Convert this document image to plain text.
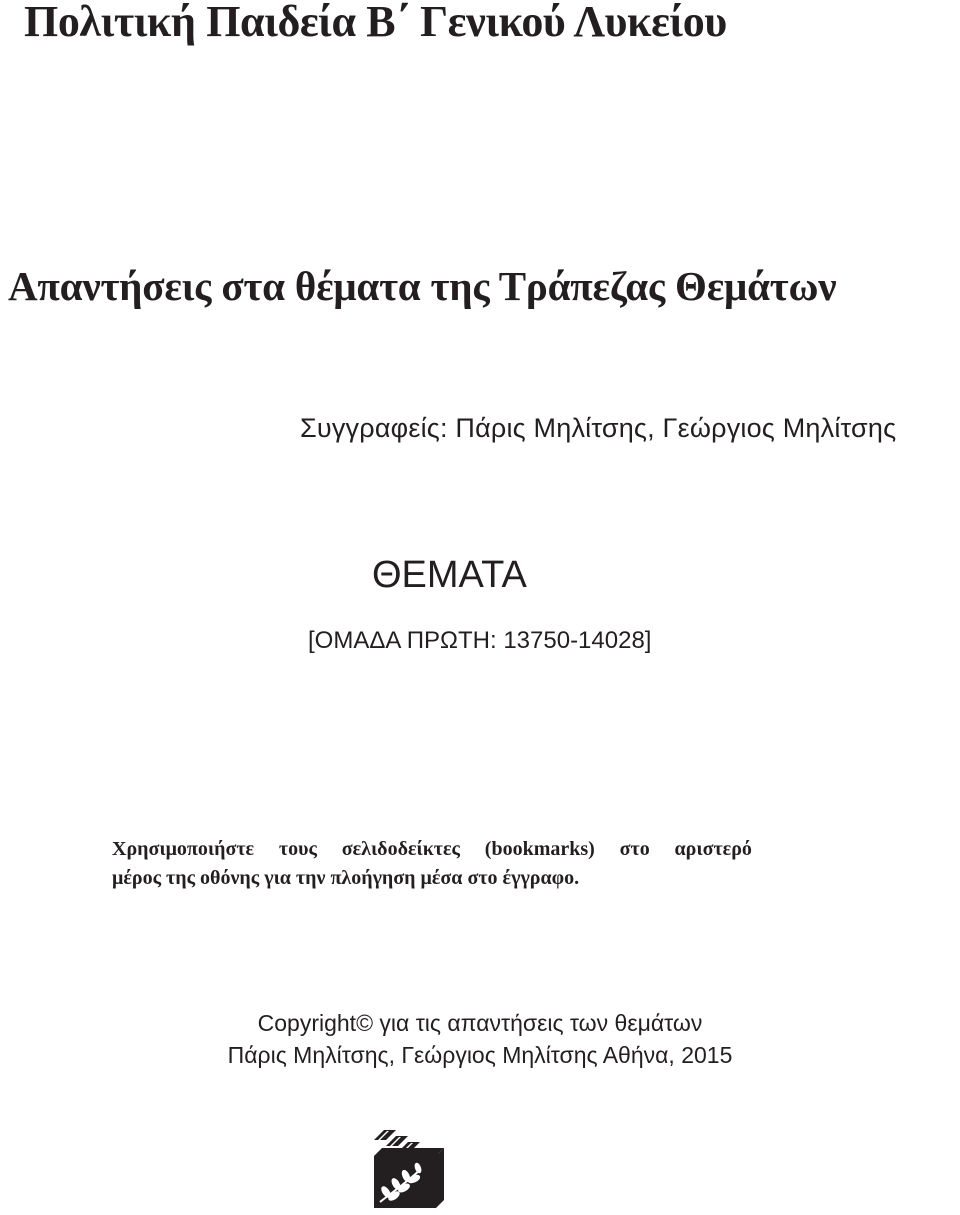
Πολιτική Παιδεία Β΄ Γενικού Λυκείου
Απαντήσεις στα θέματα της Τράπεζας Θεμάτων
Συγγραφείς: Πάρις Μηλίτσης, Γεώργιος Μηλίτσης
ΘΕΜΑΤΑ
[ΟΜΑΔΑ ΠΡΩΤΗ: 13750-14028]
Χρησιμοποιήστε τους σελιδοδείκτες (bookmarks) στο αριστερό
μέρος της οθόνης για την πλοήγηση μέσα στο έγγραφο.
Copyright© για τις απαντήσεις των θεμάτων
Πάρις Μηλίτσης, Γεώργιος Μηλίτσης Αθήνα, 2015
